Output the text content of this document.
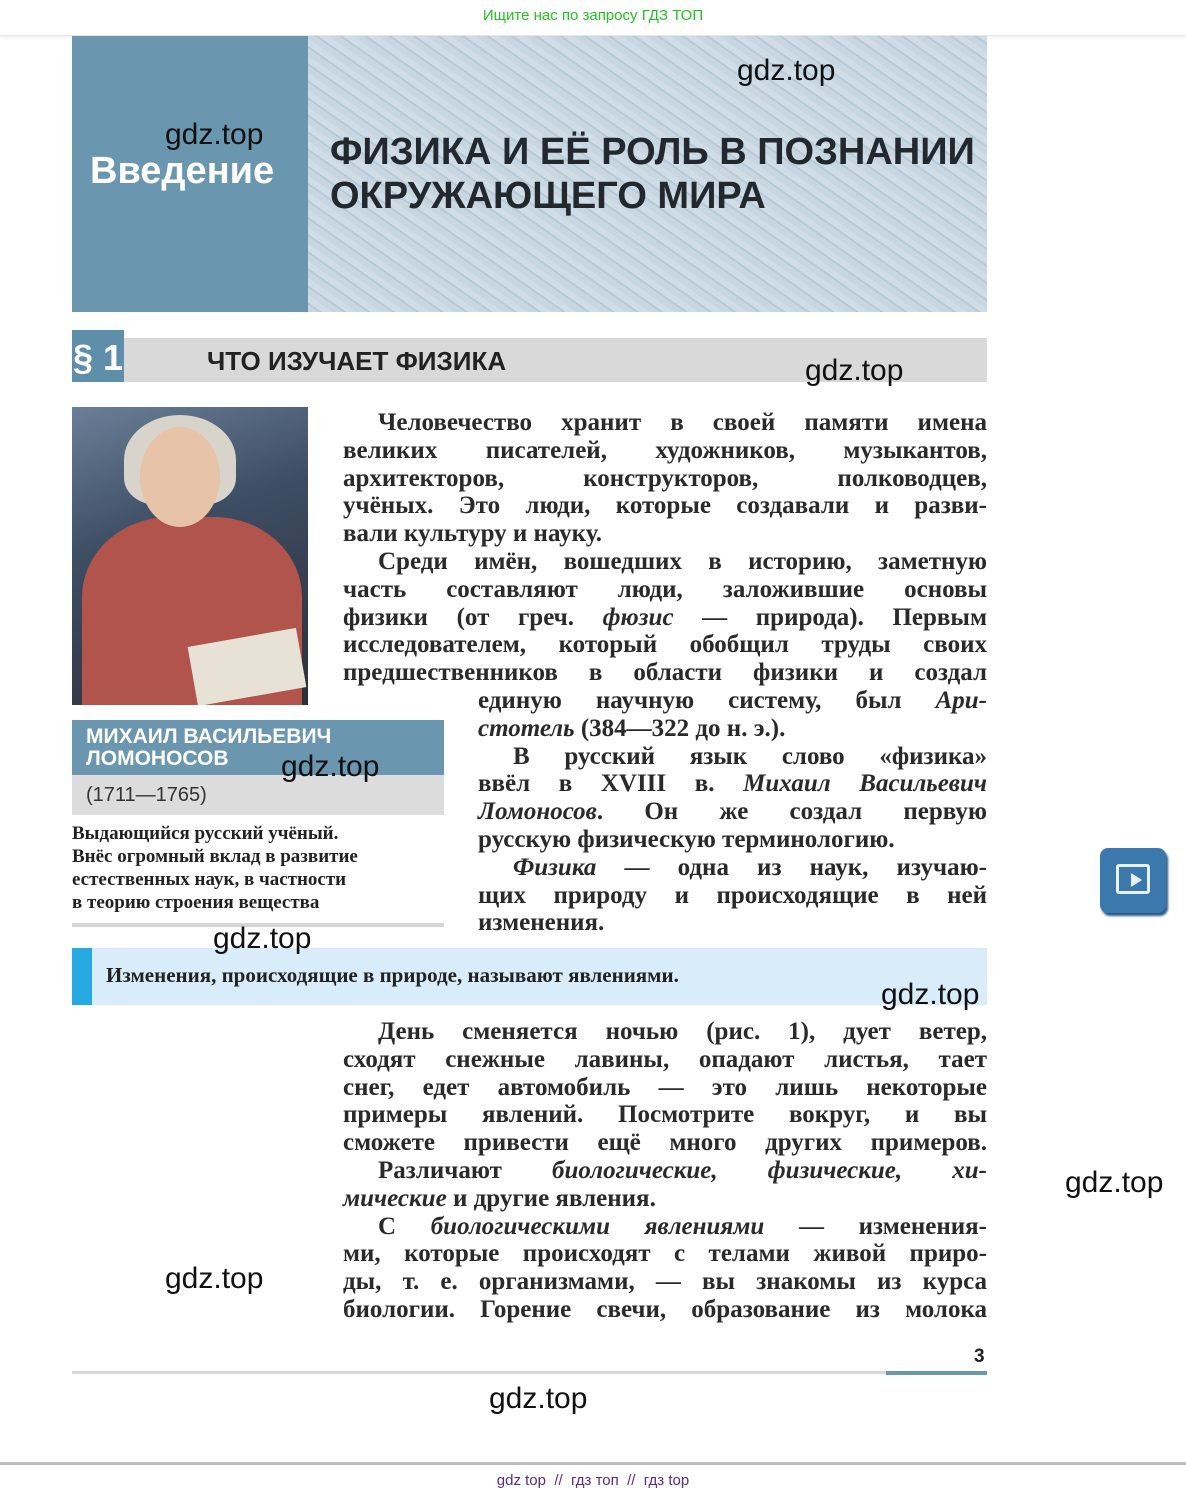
Ищите нас по запросу ГДЗ ТОП
Введение ФИЗИКА И ЕЁ РОЛЬ В ПОЗНАНИИ
ОКРУЖАЮЩЕГО МИРА
§ 1	ЧТО ИЗУЧАЕТ ФИЗИКА
МИХАИЛ ВАСИЛЬЕВИЧ
ЛОМОНОСОВ
(1711—1765)
Выдающийся русский учёный.
Внёс огромный вклад в развитие
естественных наук, в частности
в теорию строения вещества
Человечество хранит в своей памяти имена
великих писателей, художников, музыкантов,
архитекторов, конструкторов, полководцев,
учёных. Это люди, которые создавали и разви-
вали культуру и науку.
Среди имён, вошедших в историю, заметную
часть составляют люди, заложившие основы
физики (от греч. фюзис — природа). Первым
исследователем, который обобщил труды своих
предшественников в области физики и создал
единую научную систему, был Ари-
стотель (384—322 до н. э.).
В русский язык слово «физика»
ввёл в XVIII в. Михаил Васильевич
Ломоносов. Он же создал первую
русскую физическую терминологию.
Физика — одна из наук, изучаю-
щих природу и происходящие в ней
изменения.
Изменения, происходящие в природе, называют явлениями.
День сменяется ночью (рис. 1), дует ветер,
сходят снежные лавины, опадают листья, тает
снег, едет автомобиль — это лишь некоторые
примеры явлений. Посмотрите вокруг, и вы
сможете привести ещё много других примеров.
Различают биологические, физические, хи-
мические и другие явления.
С биологическими явлениями — изменения-
ми, которые происходят с телами живой приро-
ды, т. е. организмами, — вы знакомы из курса
биологии. Горение свечи, образование из молока
3
gdz.top
gdz.top
gdz.top
gdz.top
gdz.top
gdz.top
gdz.top
gdz.top
gdz.top
gdz top  //  гдз топ  //  гдз top
